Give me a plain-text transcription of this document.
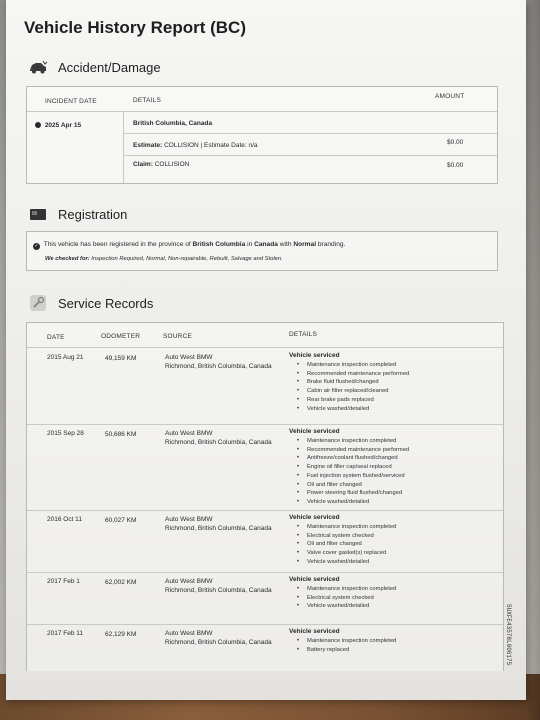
Vehicle History Report (BC)
Accident/Damage
INCIDENT DATE	DETAILS
AMOUNT
2025 Apr 15	British Columbia, Canada
Estimate: COLLISION | Estimate Date: n/a	$0.00
Claim: COLLISION	$0.00
Registration
✓ This vehicle has been registered in the province of British Columbia in Canada with Normal branding.
We checked for: Inspection Required, Normal, Non-repairable, Rebuilt, Salvage and Stolen.
Service Records
DATE	ODOMETER	SOURCE	DETAILS
2015 Aug 21	49,159 KM	Auto West BMW
Richmond, British Columbia, Canada
Vehicle serviced
• Maintenance inspection completed
• Recommended maintenance performed
• Brake fluid flushed/changed
• Cabin air filter replaced/cleaned
• Rear brake pads replaced
• Vehicle washed/detailed
2015 Sep 28	50,686 KM	Auto West BMW
Richmond, British Columbia, Canada
Vehicle serviced
• Maintenance inspection completed
• Recommended maintenance performed
• Antifreeze/coolant flushed/changed
• Engine oil filler cap/seal replaced
• Fuel injection system flushed/serviced
• Oil and filter changed
• Power steering fluid flushed/changed
• Vehicle washed/detailed
2016 Oct 11	60,027 KM	Auto West BMW
Richmond, British Columbia, Canada
Vehicle serviced
• Maintenance inspection completed
• Electrical system checked
• Oil and filter changed
• Valve cover gasket(s) replaced
• Vehicle washed/detailed
2017 Feb 1	62,002 KM	Auto West BMW
Richmond, British Columbia, Canada
Vehicle serviced
• Maintenance inspection completed
• Electrical system checked
• Vehicle washed/detailed
2017 Feb 11	62,129 KM	Auto West BMW
Richmond, British Columbia, Canada
Vehicle serviced
• Maintenance inspection completed
• Battery replaced	5UXFE43578L006175
